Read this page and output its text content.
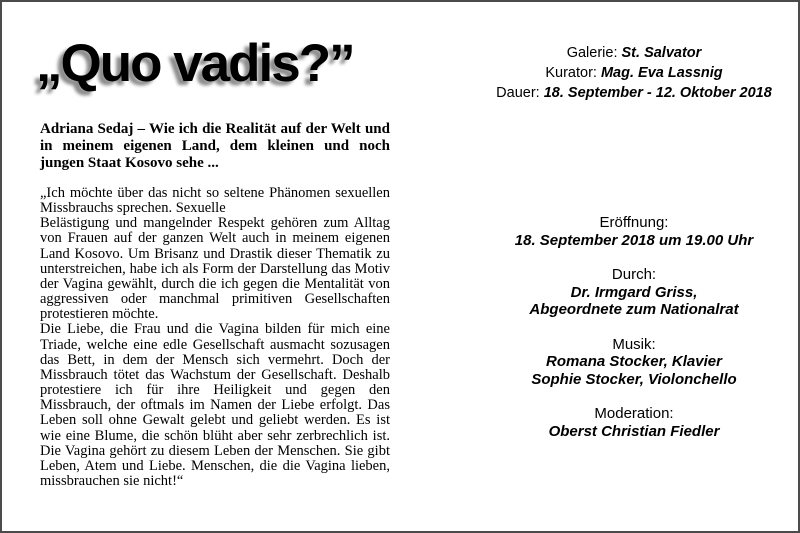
„Quo vadis?”	Galerie: St. Salvator
Kurator: Mag. Eva Lassnig
Dauer: 18. September - 12. Oktober 2018
Adriana Sedaj – Wie ich die Realität auf der Welt und in meinem eigenen Land, dem kleinen und noch jungen Staat Kosovo sehe ...

„Ich möchte über das nicht so seltene Phänomen sexuellen Missbrauchs sprechen. Sexuelle

Belästigung und mangelnder Respekt gehören zum Alltag von Frauen auf der ganzen Welt auch in meinem eigenen Land Kosovo. Um Brisanz und Drastik dieser Thematik zu unterstreichen, habe ich als Form der Darstellung das Motiv der Vagina gewählt, durch die ich gegen die Mentalität von aggressiven oder manchmal primitiven Gesellschaften protestieren möchte.

Die Liebe, die Frau und die Vagina bilden für mich eine Triade, welche eine edle Gesellschaft ausmacht sozusagen das Bett, in dem der Mensch sich vermehrt. Doch der Missbrauch tötet das Wachstum der Gesellschaft. Deshalb protestiere ich für ihre Heiligkeit und gegen den Missbrauch, der oftmals im Namen der Liebe erfolgt. Das Leben soll ohne Gewalt gelebt und geliebt werden. Es ist wie eine Blume, die schön blüht aber sehr zerbrechlich ist. Die Vagina gehört zu diesem Leben der Menschen. Sie gibt Leben, Atem und Liebe. Menschen, die die Vagina lieben, missbrauchen sie nicht!“

Eröffnung:
18. September 2018 um 19.00 Uhr
Durch:
Dr. Irmgard Griss,
Abgeordnete zum Nationalrat
Musik:
Romana Stocker, Klavier
Sophie Stocker, Violonchello
Moderation:
Oberst Christian Fiedler
